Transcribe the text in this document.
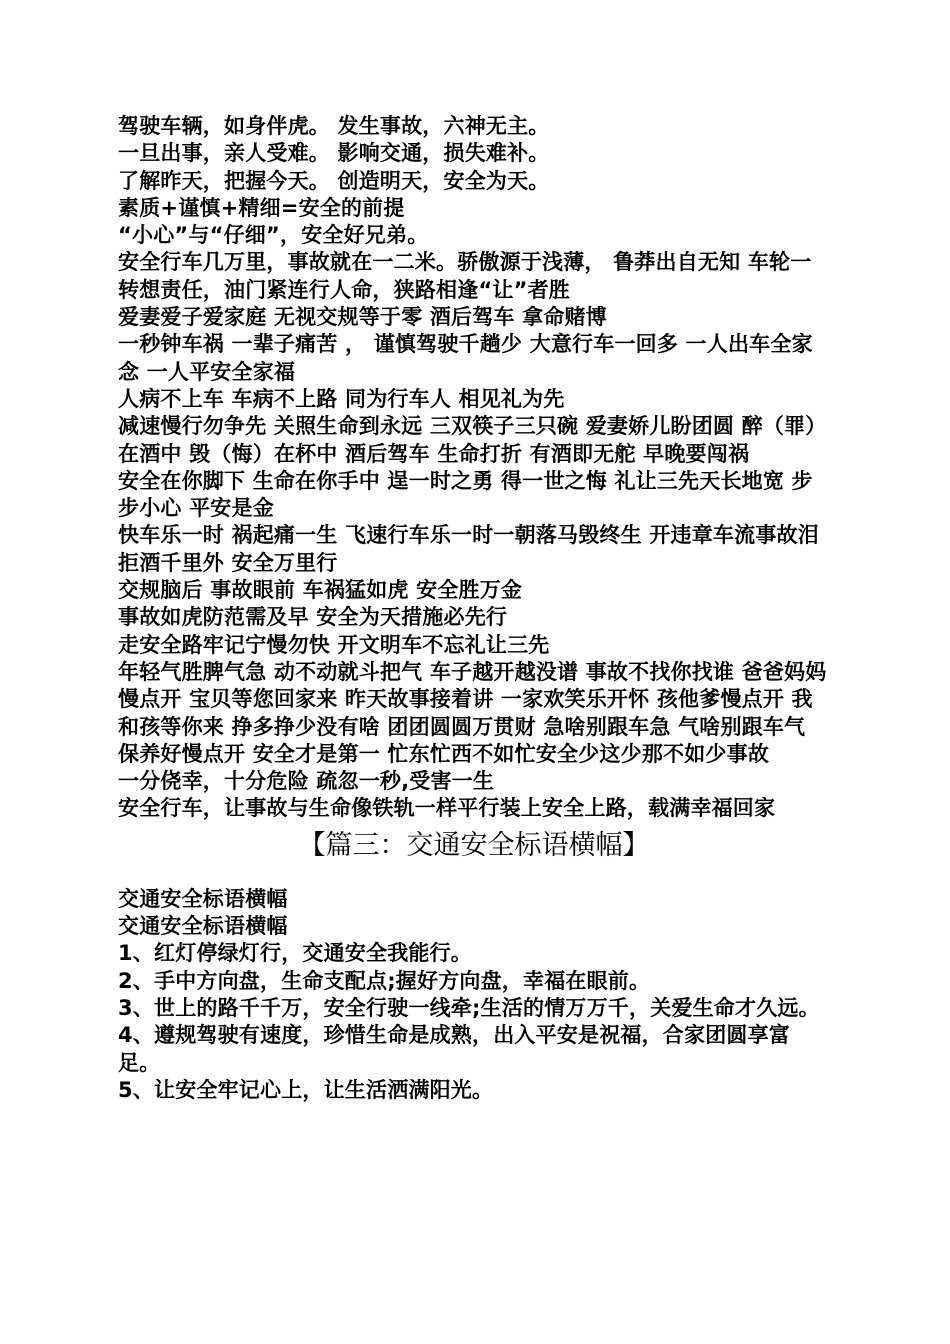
驾驶车辆，如身伴虎。 发生事故，六神无主。

一旦出事，亲人受难。 影响交通，损失难补。

了解昨天，把握今天。 创造明天，安全为天。

素质+谨慎+精细=安全的前提

“小心”与“仔细”，安全好兄弟。

安全行车几万里，事故就在一二米。骄傲源于浅薄， 鲁莽出自无知 车轮一转想责任，油门紧连行人命，狭路相逢“让”者胜

爱妻爱子爱家庭 无视交规等于零 酒后驾车 拿命赌博

一秒钟车祸 一辈子痛苦 ， 谨慎驾驶千趟少 大意行车一回多 一人出车全家念 一人平安全家福

人病不上车 车病不上路 同为行车人 相见礼为先

减速慢行勿争先 关照生命到永远 三双筷子三只碗 爱妻娇儿盼团圆 醉（罪）在酒中 毁（悔）在杯中 酒后驾车 生命打折 有酒即无舵 早晚要闯祸

安全在你脚下 生命在你手中 逞一时之勇 得一世之悔 礼让三先天长地宽 步步小心 平安是金

快车乐一时 祸起痛一生 飞速行车乐一时一朝落马毁终生 开违章车流事故泪 拒酒千里外 安全万里行

交规脑后 事故眼前 车祸猛如虎 安全胜万金

事故如虎防范需及早 安全为天措施必先行

走安全路牢记宁慢勿快 开文明车不忘礼让三先

年轻气胜脾气急 动不动就斗把气 车子越开越没谱 事故不找你找谁 爸爸妈妈慢点开 宝贝等您回家来 昨天故事接着讲 一家欢笑乐开怀 孩他爹慢点开 我和孩等你来 挣多挣少没有啥 团团圆圆万贯财 急啥别跟车急 气啥别跟车气 保养好慢点开 安全才是第一 忙东忙西不如忙安全少这少那不如少事故

一分侥幸，十分危险 疏忽一秒,受害一生

安全行车，让事故与生命像铁轨一样平行装上安全上路，载满幸福回家

【篇三：交通安全标语横幅】

交通安全标语横幅

交通安全标语横幅

1、红灯停绿灯行，交通安全我能行。

2、手中方向盘，生命支配点;握好方向盘，幸福在眼前。

3、世上的路千千万，安全行驶一线牵;生活的情万万千，关爱生命才久远。

4、遵规驾驶有速度，珍惜生命是成熟，出入平安是祝福，合家团圆享富足。

5、让安全牢记心上，让生活洒满阳光。
